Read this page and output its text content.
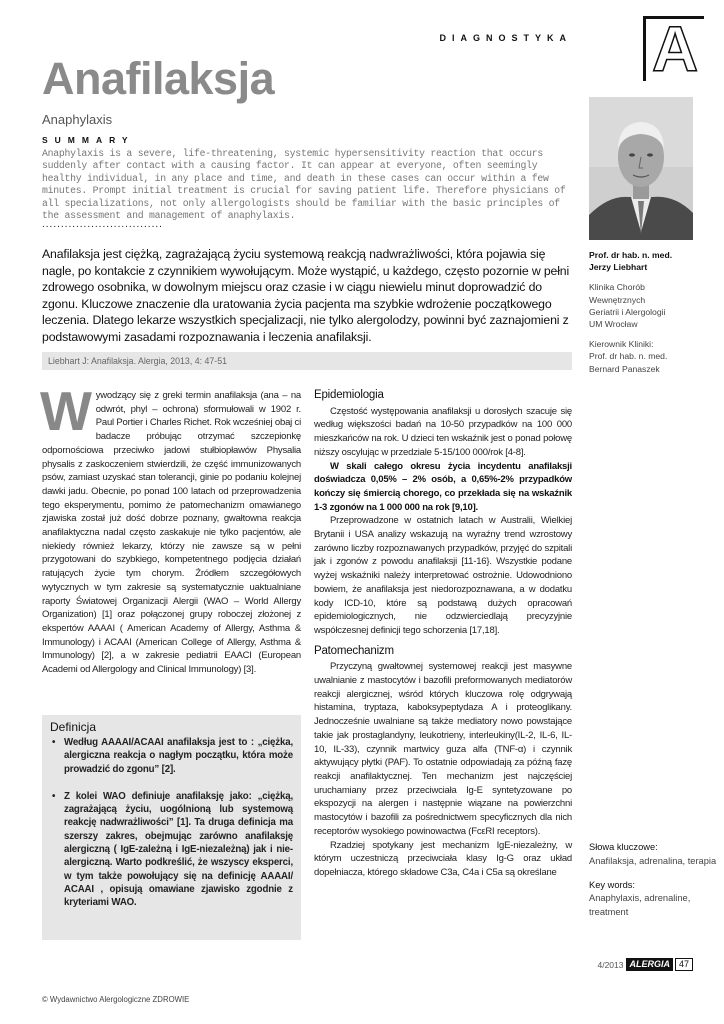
DIAGNOSTYKA A
Anafilaksja
Anaphylaxis
SUMMARY
Anaphylaxis is a severe, life-threatening, systemic hypersensitivity reaction that occurs suddenly after contact with a causing factor. It can appear at everyone, often seemingly healthy individual, in any place and time, and death in these cases can occur within a few minutes. Prompt initial treatment is crucial for saving patient life. Therefore physicians of all specializations, not only allergologists should be familiar with the basic principles of the assessment and management of anaphylaxis.
................................
Anafilaksja jest ciężką, zagrażającą życiu systemową reakcją nadwrażliwości, która pojawia się nagle, po kontakcie z czynnikiem wywołującym. Może wystąpić, u każdego, często pozornie w pełni zdrowego osobnika, w dowolnym miejscu oraz czasie i w ciągu niewielu minut doprowadzić do zgonu. Kluczowe znaczenie dla uratowania życia pacjenta ma szybkie wdrożenie początkowego leczenia. Dlatego lekarze wszystkich specjalizacji, nie tylko alergolodzy, powinni być zaznajomieni z podstawowymi zasadami rozpoznawania i leczenia anafilaksji.
Liebhart J: Anafilaksja. Alergia, 2013, 4: 47-51

Prof. dr hab. n. med.
Jerzy Liebhart

Klinika Chorób
Wewnętrznych
Geriatrii i Alergologii
UM Wrocław

Kierownik Kliniki:
Prof. dr hab. n. med.
Bernard Panaszek

W ywodzący się z greki termin anafilaksja (ana – na odwrót, phyl – ochrona) sformułowali w 1902 r. Paul Portier i Charles Richet. Rok wcześniej obaj ci badacze próbując otrzymać szczepionkę odpornościowa przeciwko jadowi stułbiopławów Physalia physalis z zaskoczeniem stwierdzili, że część immunizowanych psów, zamiast uzyskać stan tolerancji, ginie po podaniu kolejnej dawki jadu. Obecnie, po ponad 100 latach od przeprowadzenia tego eksperymentu, pomimo że patomechanizm omawianego zjawiska został już dość dobrze poznany, gwałtowna reakcja anafilaktyczna nadal często zaskakuje nie tylko pacjentów, ale niekiedy również lekarzy, którzy nie zawsze są w pełni przygotowani do szybkiego, kompetentnego podjęcia działań ratujących życie tym chorym. Źródłem szczegółowych wytycznych w tym zakresie są systematycznie uaktualniane raporty Światowej Organizacji Alergii (WAO – World Allergy Organization) [1] oraz połączonej grupy roboczej złożonej z ekspertów AAAAI ( American Academy of Allergy, Asthma & Immunology) i ACAAI (American College of Allergy, Asthma & Immunology) [2], a w zakresie pediatrii EAACI (European Academi od Allergology and Clinical Immunology) [3].

Definicja
• Według AAAAI/ACAAI anafilaksja jest to : „ciężka, alergiczna reakcja o nagłym początku, która może prowadzić do zgonu” [2].
• Z kolei WAO definiuje anafilaksję jako: „ciężką, zagrażającą życiu, uogólnioną lub systemową reakcję nadwrażliwości” [1]. Ta druga definicja ma szerszy zakres, obejmując zarówno anafilaksję alergiczną ( IgE-zależną i IgE-niezależną) jak i nie-alergiczną. Warto podkreślić, że wszyscy eksperci, w tym także powołujący się na definicję AAAAI/ ACAAI , opisują omawiane zjawisko zgodnie z kryteriami WAO.
Epidemiologia

Częstość występowania anafilaksji u dorosłych szacuje się według większości badań na 10-50 przypadków na 100 000 mieszkańców na rok. U dzieci ten wskaźnik jest o ponad połowę niższy oscylując w przedziale 5-15/100 000/rok [4-8].

W skali całego okresu życia incydentu anafilaksji doświadcza 0,05% – 2% osób, a 0,65%-2% przypadków kończy się śmiercią chorego, co przekłada się na wskaźnik 1-3 zgonów na 1 000 000 na rok [9,10].

Przeprowadzone w ostatnich latach w Australii, Wielkiej Brytanii i USA analizy wskazują na wyraźny trend wzrostowy zarówno liczby rozpoznawanych przypadków, przyjęć do szpitali jak i zgonów z powodu anafilaksji [11-16}. Wszystkie podane wyżej wskaźniki należy interpretować ostrożnie. Udowodniono bowiem, że anafilaksja jest niedorozpoznawana, a w dodatku kody ICD-10, które są podstawą dużych opracowań epidemiologicznych, nie odzwierciedlają precyzyjnie współczesnej definicji tego schorzenia [17,18].

Patomechanizm

Przyczyną gwałtownej systemowej reakcji jest masywne uwalnianie z mastocytów i bazofili preformowanych mediatorów reakcji alergicznej, wśród których kluczowa rolę odgrywają histamina, tryptaza, kaboksypeptydaza A i proteoglikany. Jednocześnie uwalniane są także mediatory nowo powstające takie jak prostaglandyny, leukotrieny, interleukiny(IL-2, IL-6, IL-10, IL-33), czynnik martwicy guza alfa (TNF-α) i czynnik aktywujący płytki (PAF). To ostatnie odpowiadają za późną fazę reakcji anafilaktycznej. Ten mechanizm jest najczęściej uruchamiany przez przeciwciała Ig-E syntetyzowane po ekspozycji na alergen i następnie wiązane na powierzchni mastocytów i bazofili za pośrednictwem specyficznych dla nich receptorów wysokiego powinowactwa (FcεRI receptors).

Rzadziej spotykany jest mechanizm IgE-niezależny, w którym uczestniczą przeciwciała klasy Ig-G oraz układ dopełniacza, którego składowe C3a, C4a i C5a są określane

Słowa kluczowe:
Anafilaksja, adrenalina, terapia

Key words:
Anaphylaxis, adrenaline, treatment

4/2013 ALERGIA	47
© Wydawnictwo Alergologiczne ZDROWIE
